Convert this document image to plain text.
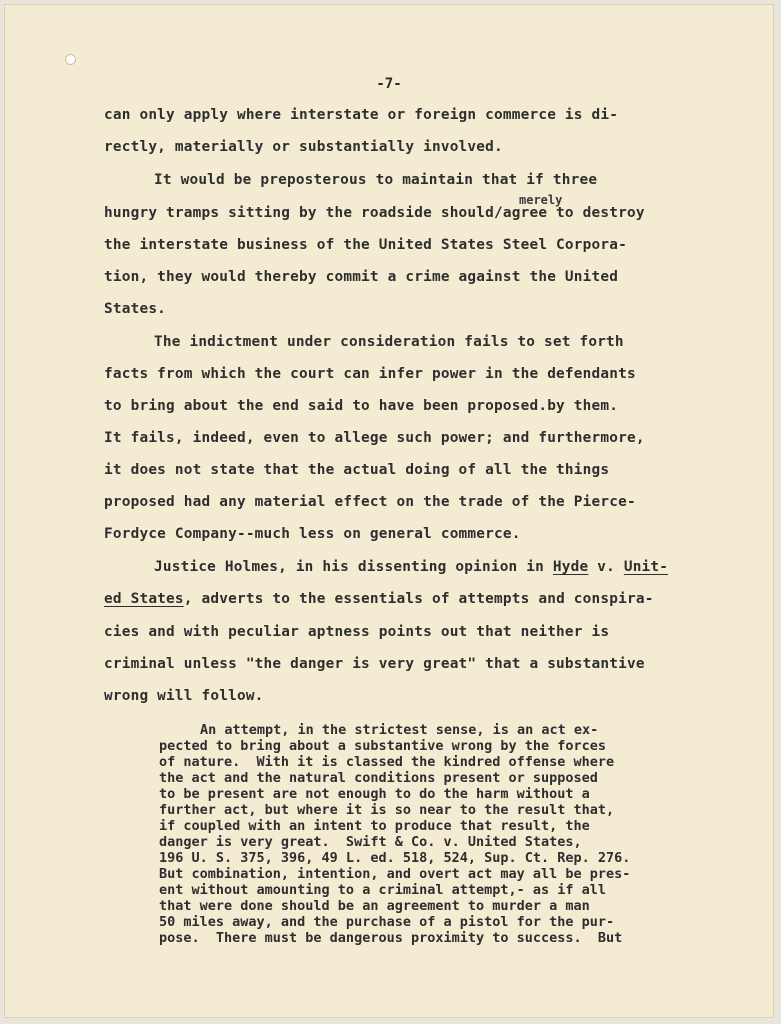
-7-
can only apply where interstate or foreign commerce is di-
rectly, materially or substantially involved.
It would be preposterous to maintain that if three
merely
hungry tramps sitting by the roadside should/agree to destroy
the interstate business of the United States Steel Corpora-
tion, they would thereby commit a crime against the United
States.
The indictment under consideration fails to set forth
facts from which the court can infer power in the defendants
to bring about the end said to have been proposed.by them.
It fails, indeed, even to allege such power; and furthermore,
it does not state that the actual doing of all the things
proposed had any material effect on the trade of the Pierce-
Fordyce Company--much less on general commerce.
Justice Holmes, in his dissenting opinion in Hyde v. Unit-
ed States, adverts to the essentials of attempts and conspira-
cies and with peculiar aptness points out that neither is
criminal unless "the danger is very great" that a substantive
wrong will follow.
An attempt, in the strictest sense, is an act ex-
pected to bring about a substantive wrong by the forces
of nature.  With it is classed the kindred offense where
the act and the natural conditions present or supposed
to be present are not enough to do the harm without a
further act, but where it is so near to the result that,
if coupled with an intent to produce that result, the
danger is very great.  Swift & Co. v. United States,
196 U. S. 375, 396, 49 L. ed. 518, 524, Sup. Ct. Rep. 276.
But combination, intention, and overt act may all be pres-
ent without amounting to a criminal attempt,- as if all
that were done should be an agreement to murder a man
50 miles away, and the purchase of a pistol for the pur-
pose.  There must be dangerous proximity to success.  But
